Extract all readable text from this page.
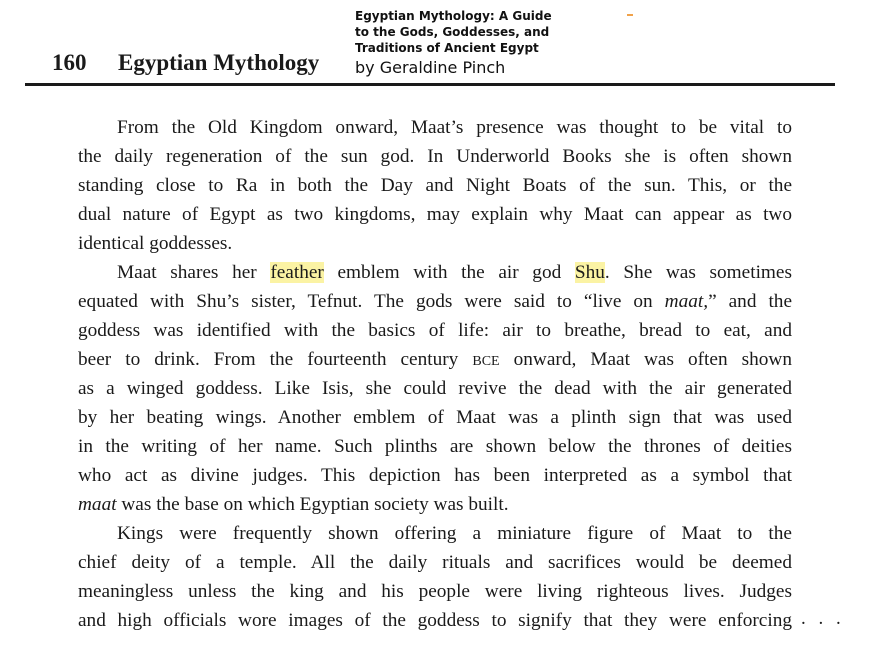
160 Egyptian Mythology

Egyptian Mythology: A Guide
to the Gods, Goddesses, and
Traditions of Ancient Egypt

by Geraldine Pinch

From the Old Kingdom onward, Maat’s presence was thought to be vital to
the daily regeneration of the sun god. In Underworld Books she is often shown
standing close to Ra in both the Day and Night Boats of the sun. This, or the
dual nature of Egypt as two kingdoms, may explain why Maat can appear as two
identical goddesses.
Maat shares her feather emblem with the air god Shu. She was sometimes
equated with Shu’s sister, Tefnut. The gods were said to “live on maat,” and the
goddess was identified with the basics of life: air to breathe, bread to eat, and
beer to drink. From the fourteenth century bce onward, Maat was often shown
as a winged goddess. Like Isis, she could revive the dead with the air generated
by her beating wings. Another emblem of Maat was a plinth sign that was used
in the writing of her name. Such plinths are shown below the thrones of deities
who act as divine judges. This depiction has been interpreted as a symbol that
maat was the base on which Egyptian society was built.
Kings were frequently shown offering a miniature figure of Maat to the
chief deity of a temple. All the daily rituals and sacrifices would be deemed
meaningless unless the king and his people were living righteous lives. Judges
and high officials wore images of the goddess to signify that they were enforcing . . .
